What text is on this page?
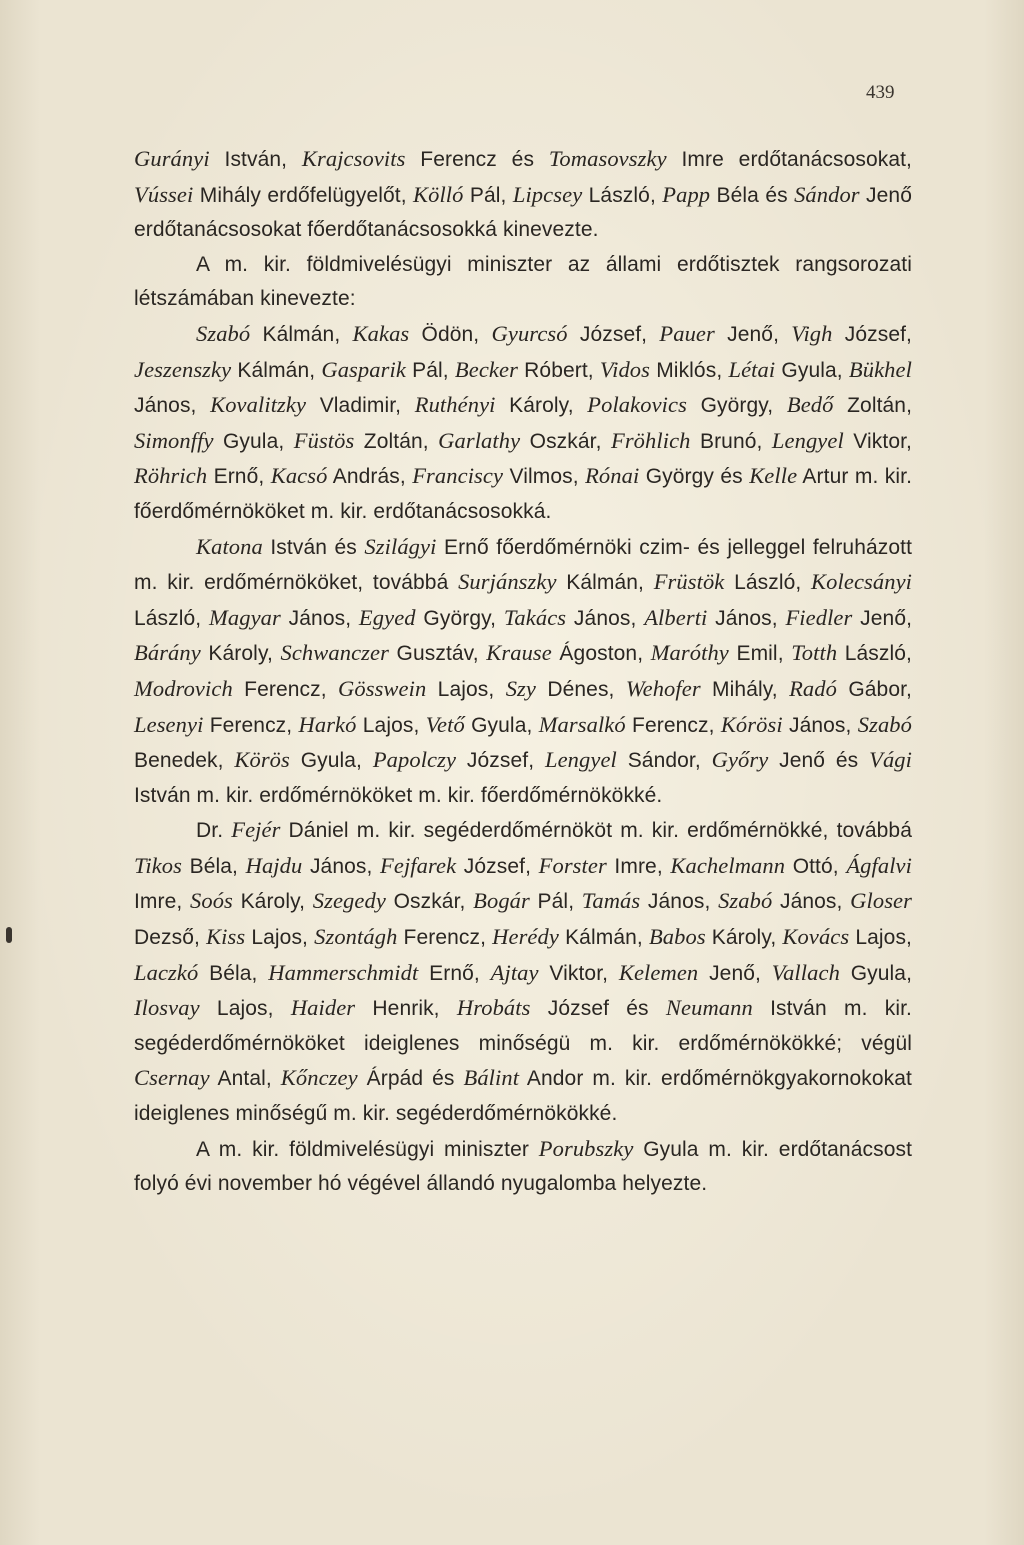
439

Gurányi István, Krajcsovits Ferencz és Tomasovszky Imre erdőtanácsosokat, Vússei Mihály erdőfelügyelőt, Kölló Pál, Lipcsey László, Papp Béla és Sándor Jenő erdőtanácsosokat főerdőtanácsosokká kinevezte.

A m. kir. földmivelésügyi miniszter az állami erdőtisztek rangsorozati létszámában kinevezte:

Szabó Kálmán, Kakas Ödön, Gyurcsó József, Pauer Jenő, Vigh József, Jeszenszky Kálmán, Gasparik Pál, Becker Róbert, Vidos Miklós, Létai Gyula, Bükhel János, Kovalitzky Vladimir, Ruthényi Károly, Polakovics György, Bedő Zoltán, Simonffy Gyula, Füstös Zoltán, Garlathy Oszkár, Fröhlich Brunó, Lengyel Viktor, Röhrich Ernő, Kacsó András, Franciscy Vilmos, Rónai György és Kelle Artur m. kir. főerdőmérnököket m. kir. erdőtanácsosokká.

Katona István és Szilágyi Ernő főerdőmérnöki czim- és jelleggel felruházott m. kir. erdőmérnököket, továbbá Surjánszky Kálmán, Früstök László, Kolecsányi László, Magyar János, Egyed György, Takács János, Alberti János, Fiedler Jenő, Bárány Károly, Schwanczer Gusztáv, Krause Ágoston, Maróthy Emil, Totth László, Modrovich Ferencz, Gösswein Lajos, Szy Dénes, Wehofer Mihály, Radó Gábor, Lesenyi Ferencz, Harkó Lajos, Vető Gyula, Marsalkó Ferencz, Kórösi János, Szabó Benedek, Körös Gyula, Papolczy József, Lengyel Sándor, Győry Jenő és Vági István m. kir. erdőmérnököket m. kir. főerdőmérnökökké.

Dr. Fejér Dániel m. kir. segéderdőmérnököt m. kir. erdőmérnökké, továbbá Tikos Béla, Hajdu János, Fejfarek József, Forster Imre, Kachelmann Ottó, Ágfalvi Imre, Soós Károly, Szegedy Oszkár, Bogár Pál, Tamás János, Szabó János, Gloser Dezső, Kiss Lajos, Szontágh Ferencz, Herédy Kálmán, Babos Károly, Kovács Lajos, Laczkó Béla, Hammerschmidt Ernő, Ajtay Viktor, Kelemen Jenő, Vallach Gyula, Ilosvay Lajos, Haider Henrik, Hrobáts József és Neumann István m. kir. segéderdőmérnököket ideiglenes minőségü m. kir. erdőmérnökökké; végül Csernay Antal, Kőnczey Árpád és Bálint Andor m. kir. erdőmérnökgyakornokokat ideiglenes minőségű m. kir. segéderdőmérnökökké.

A m. kir. földmivelésügyi miniszter Porubszky Gyula m. kir. erdőtanácsost folyó évi november hó végével állandó nyugalomba helyezte.
